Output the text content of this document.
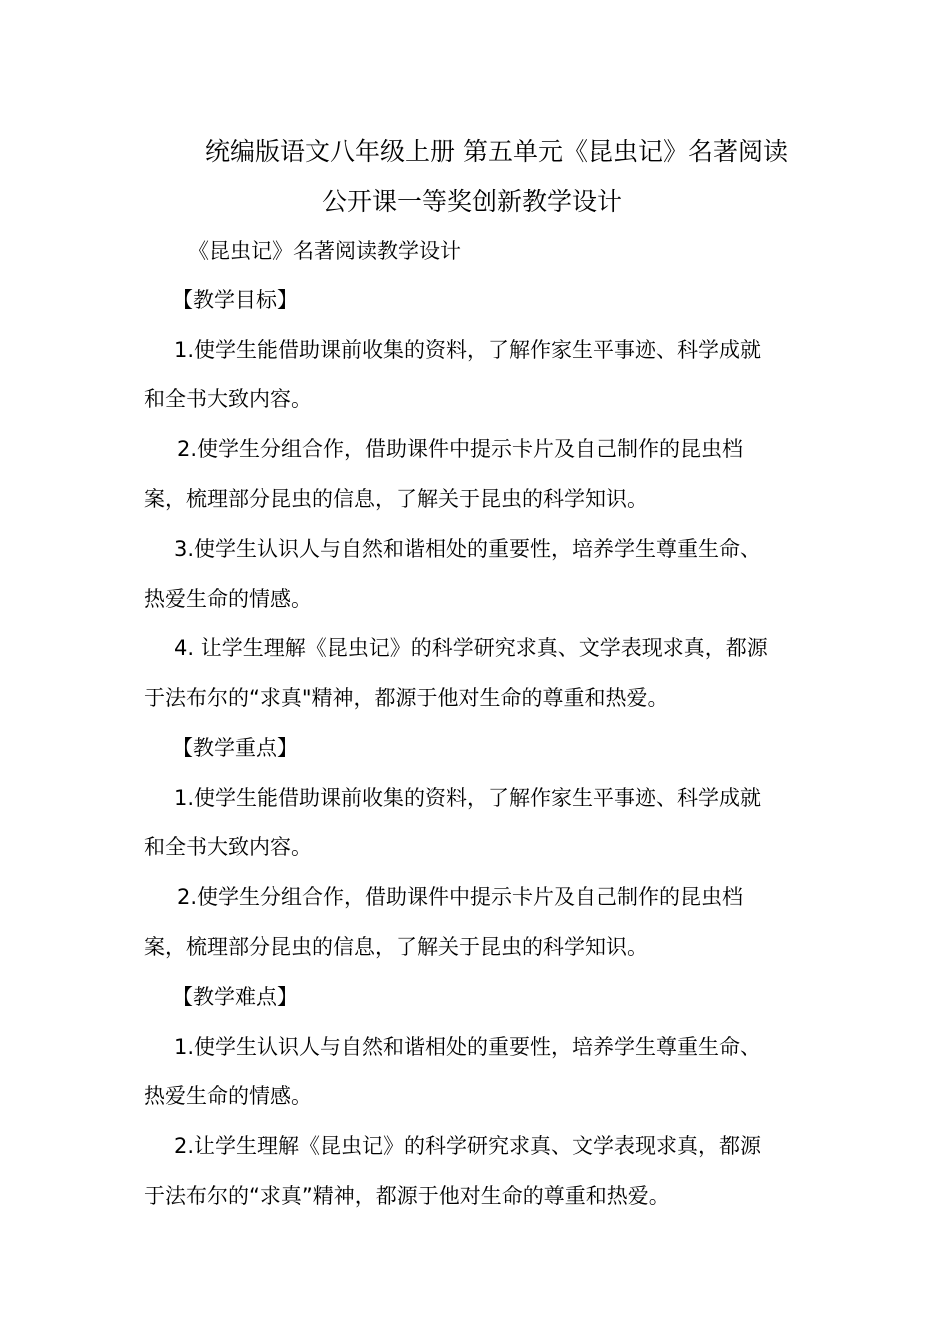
统编版语文八年级上册 第五单元《昆虫记》名著阅读
公开课一等奖创新教学设计
《昆虫记》名著阅读教学设计
【教学目标】
1.使学生能借助课前收集的资料，了解作家生平事迹、科学成就
和全书大致内容。
2.使学生分组合作，借助课件中提示卡片及自己制作的昆虫档
案，梳理部分昆虫的信息，了解关于昆虫的科学知识。
3.使学生认识人与自然和谐相处的重要性，培养学生尊重生命、
热爱生命的情感。
4. 让学生理解《昆虫记》的科学研究求真、文学表现求真，都源
于法布尔的“求真"精神，都源于他对生命的尊重和热爱。
【教学重点】
1.使学生能借助课前收集的资料，了解作家生平事迹、科学成就
和全书大致内容。
2.使学生分组合作，借助课件中提示卡片及自己制作的昆虫档
案，梳理部分昆虫的信息，了解关于昆虫的科学知识。
【教学难点】
1.使学生认识人与自然和谐相处的重要性，培养学生尊重生命、
热爱生命的情感。
2.让学生理解《昆虫记》的科学研究求真、文学表现求真，都源
于法布尔的“求真”精神，都源于他对生命的尊重和热爱。
